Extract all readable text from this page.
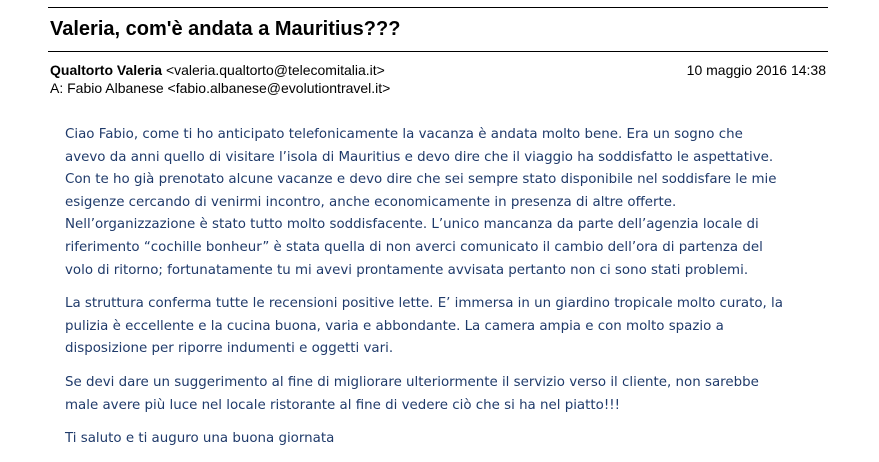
Valeria, com'è andata a Mauritius???
Qualtorto Valeria <valeria.qualtorto@telecomitalia.it>	10 maggio 2016 14:38
A: Fabio Albanese <fabio.albanese@evolutiontravel.it>

Ciao Fabio, come ti ho anticipato telefonicamente la vacanza è andata molto bene. Era un sogno che
avevo da anni quello di visitare l’isola di Mauritius e devo dire che il viaggio ha soddisfatto le aspettative.
Con te ho già prenotato alcune vacanze e devo dire che sei sempre stato disponibile nel soddisfare le mie
esigenze cercando di venirmi incontro, anche economicamente in presenza di altre offerte.
Nell’organizzazione è stato tutto molto soddisfacente. L’unico mancanza da parte dell’agenzia locale di
riferimento “cochille bonheur” è stata quella di non averci comunicato il cambio dell’ora di partenza del
volo di ritorno; fortunatamente tu mi avevi prontamente avvisata pertanto non ci sono stati problemi.

La struttura conferma tutte le recensioni positive lette. E’ immersa in un giardino tropicale molto curato, la
pulizia è eccellente e la cucina buona, varia e abbondante. La camera ampia e con molto spazio a
disposizione per riporre indumenti e oggetti vari.

Se devi dare un suggerimento al fine di migliorare ulteriormente il servizio verso il cliente, non sarebbe
male avere più luce nel locale ristorante al fine di vedere ciò che si ha nel piatto!!!

Ti saluto e ti auguro una buona giornata
